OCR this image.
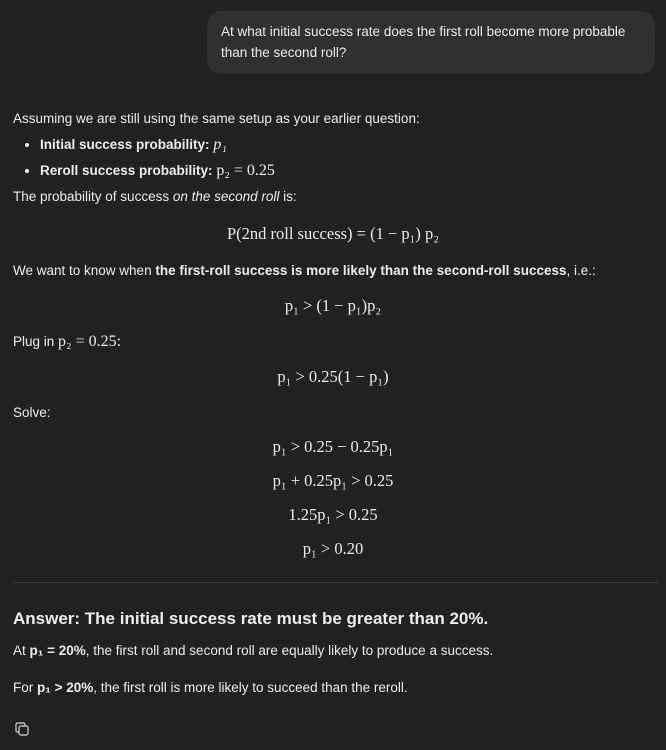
At what initial success rate does the first roll become more probable than the second roll?

Assuming we are still using the same setup as your earlier question:

• Initial success probability: p₁
• Reroll success probability: p₂ = 0.25

The probability of success on the second roll is:

P(2nd roll success) = (1 − p₁) p₂
We want to know when the first-roll success is more likely than the second-roll success, i.e.:
p₁ > (1 − p₁)p₂
Plug in p₂ = 0.25:
p₁ > 0.25(1 − p₁)
Solve:
p₁ > 0.25 − 0.25p₁
p₁ + 0.25p₁ > 0.25
1.25p₁ > 0.25
p₁ > 0.20
Answer: The initial success rate must be greater than 20%.
At p₁ = 20%, the first roll and second roll are equally likely to produce a success.
For p₁ > 20%, the first roll is more likely to succeed than the reroll.
